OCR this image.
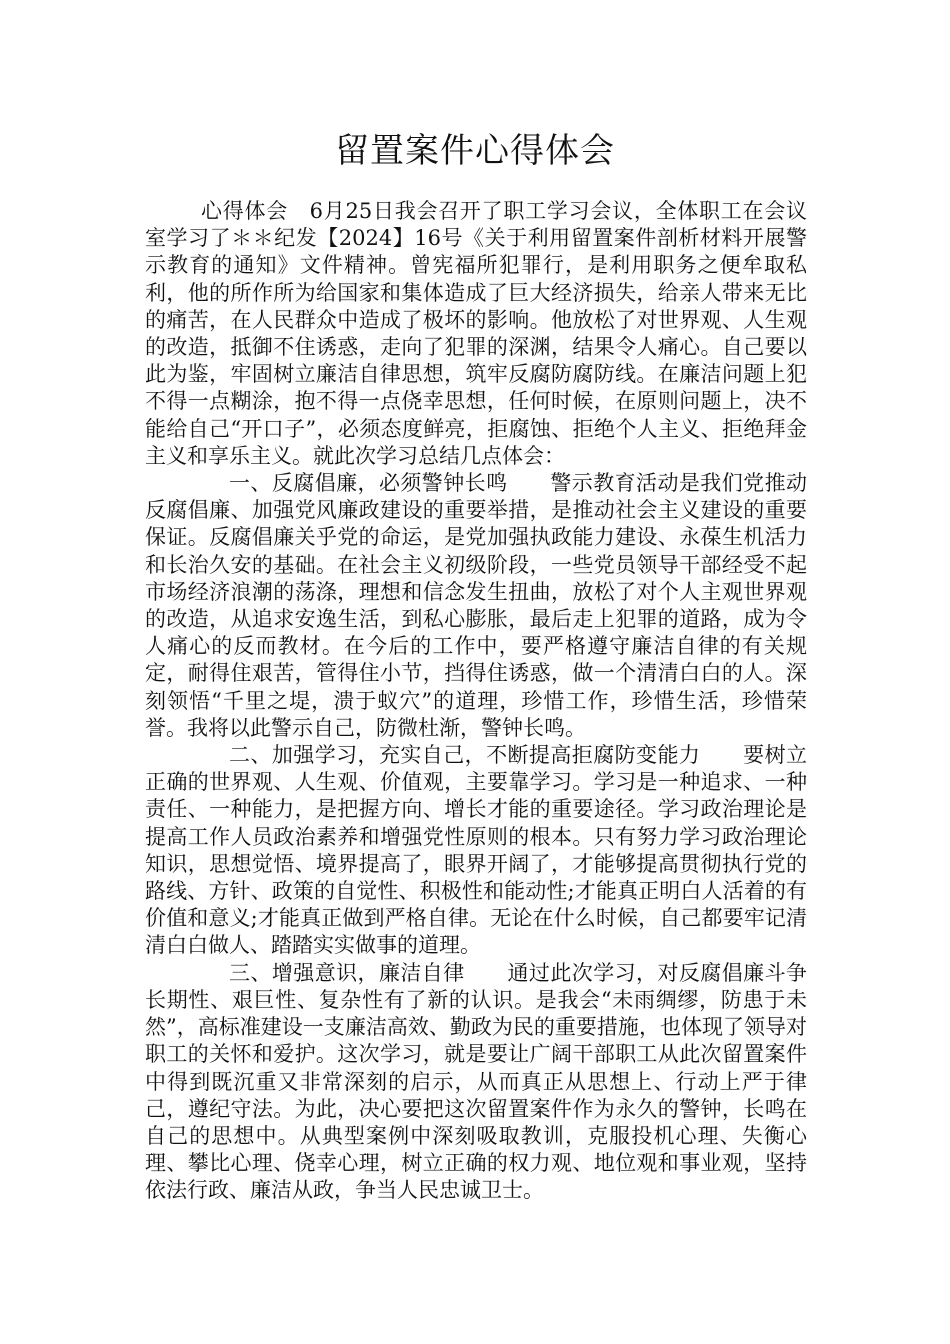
留置案件心得体会

心得体会　6月25日我会召开了职工学习会议，全体职工在会议室学习了＊＊纪发【2024】16号《关于利用留置案件剖析材料开展警示教育的通知》文件精神。曾宪福所犯罪行，是利用职务之便牟取私利，他的所作所为给国家和集体造成了巨大经济损失，给亲人带来无比的痛苦，在人民群众中造成了极坏的影响。他放松了对世界观、人生观的改造，抵御不住诱惑，走向了犯罪的深渊，结果令人痛心。自己要以此为鉴，牢固树立廉洁自律思想，筑牢反腐防腐防线。在廉洁问题上犯不得一点糊涂，抱不得一点侥幸思想，任何时候，在原则问题上，决不能给自己“开口子”，必须态度鲜亮，拒腐蚀、拒绝个人主义、拒绝拜金主义和享乐主义。就此次学习总结几点体会：

一、反腐倡廉，必须警钟长鸣　　警示教育活动是我们党推动反腐倡廉、加强党风廉政建设的重要举措，是推动社会主义建设的重要保证。反腐倡廉关乎党的命运，是党加强执政能力建设、永葆生机活力和长治久安的基础。在社会主义初级阶段，一些党员领导干部经受不起市场经济浪潮的荡涤，理想和信念发生扭曲，放松了对个人主观世界观的改造，从追求安逸生活，到私心膨胀，最后走上犯罪的道路，成为令人痛心的反而教材。在今后的工作中，要严格遵守廉洁自律的有关规定，耐得住艰苦，管得住小节，挡得住诱惑，做一个清清白白的人。深刻领悟“千里之堤，溃于蚁穴”的道理，珍惜工作，珍惜生活，珍惜荣誉。我将以此警示自己，防微杜渐，警钟长鸣。

二、加强学习，充实自己，不断提高拒腐防变能力　　要树立正确的世界观、人生观、价值观，主要靠学习。学习是一种追求、一种责任、一种能力，是把握方向、增长才能的重要途径。学习政治理论是提高工作人员政治素养和增强党性原则的根本。只有努力学习政治理论知识，思想觉悟、境界提高了，眼界开阔了，才能够提高贯彻执行党的路线、方针、政策的自觉性、积极性和能动性;才能真正明白人活着的有价值和意义;才能真正做到严格自律。无论在什么时候，自己都要牢记清清白白做人、踏踏实实做事的道理。

三、增强意识，廉洁自律　　通过此次学习，对反腐倡廉斗争长期性、艰巨性、复杂性有了新的认识。是我会“未雨绸缪，防患于未然”，高标准建设一支廉洁高效、勤政为民的重要措施，也体现了领导对职工的关怀和爱护。这次学习，就是要让广阔干部职工从此次留置案件中得到既沉重又非常深刻的启示，从而真正从思想上、行动上严于律己，遵纪守法。为此，决心要把这次留置案件作为永久的警钟，长鸣在自己的思想中。从典型案例中深刻吸取教训，克服投机心理、失衡心理、攀比心理、侥幸心理，树立正确的权力观、地位观和事业观，坚持依法行政、廉洁从政，争当人民忠诚卫士。
